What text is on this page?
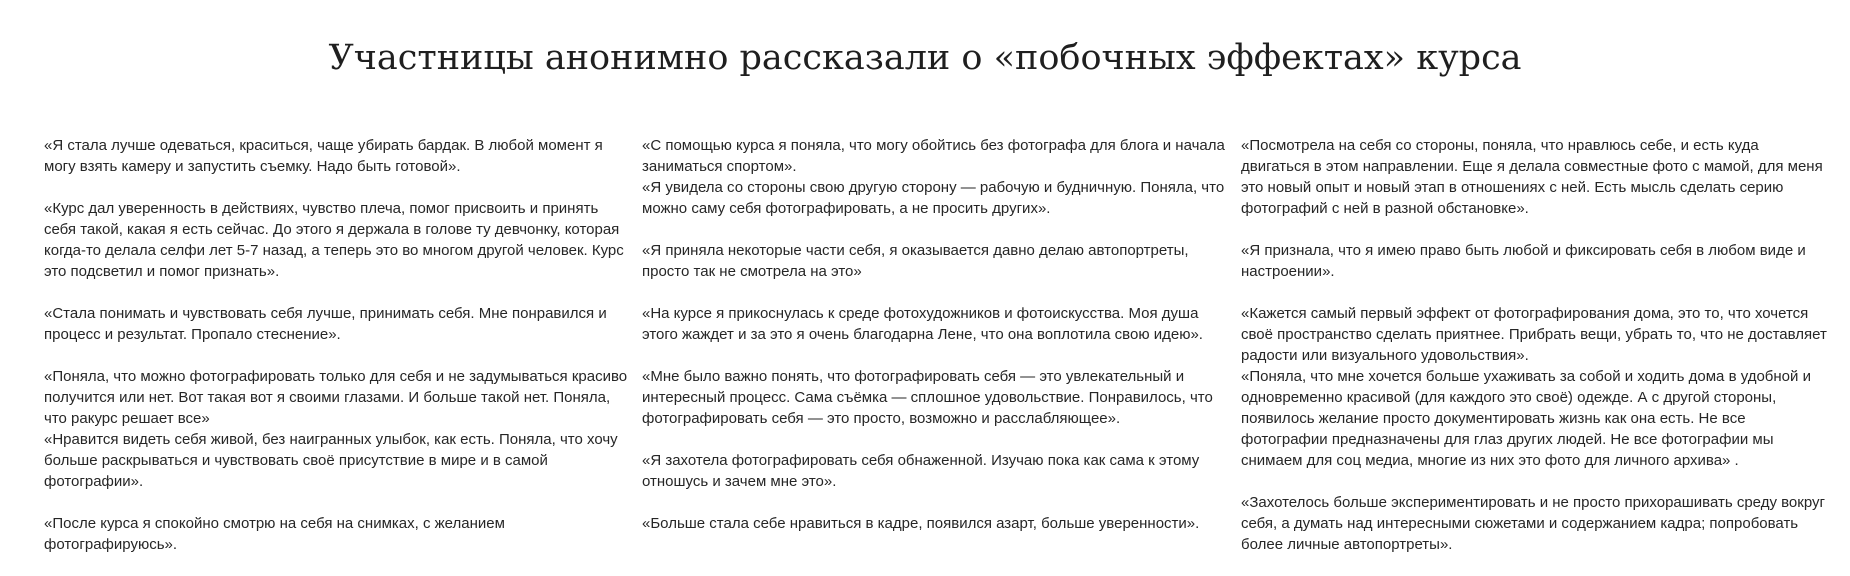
Участницы анонимно рассказали о «побочных эффектах» курса

«Я стала лучше одеваться, краситься, чаще убирать бардак. В любой момент я могу взять камеру и запустить съемку. Надо быть готовой».

«Курс дал уверенность в действиях, чувство плеча, помог присвоить и принять себя такой, какая я есть сейчас. До этого я держала в голове ту девчонку, которая когда-то делала селфи лет 5-7 назад, а теперь это во многом другой человек. Курс это подсветил и помог признать».

«Стала понимать и чувствовать себя лучше, принимать себя. Мне понравился и процесс и результат. Пропало стеснение».

«Поняла, что можно фотографировать только для себя и не задумываться красиво получится или нет. Вот такая вот я своими глазами. И больше такой нет. Поняла, что ракурс решает все»

«Нравится видеть себя живой, без наигранных улыбок, как есть. Поняла, что хочу больше раскрываться и чувствовать своё присутствие в мире и в самой фотографии».

«После курса я спокойно смотрю на себя на снимках, с желанием фотографируюсь».

«С помощью курса я поняла, что могу обойтись без фотографа для блога и начала заниматься спортом».

«Я увидела со стороны свою другую сторону — рабочую и будничную. Поняла, что можно саму себя фотографировать, а не просить других».

«Я приняла некоторые части себя, я оказывается давно делаю автопортреты, просто так не смотрела на это»

«На курсе я прикоснулась к среде фотохудожников и фотоискусства. Моя душа этого жаждет и за это я очень благодарна Лене, что она воплотила свою идею».

«Мне было важно понять, что фотографировать себя — это увлекательный и интересный процесс. Сама съёмка — сплошное удовольствие. Понравилось, что фотографировать себя — это просто, возможно и расслабляющее».

«Я захотела фотографировать себя обнаженной. Изучаю пока как сама к этому отношусь и зачем мне это».

«Больше стала себе нравиться в кадре, появился азарт, больше уверенности».

«Посмотрела на себя со стороны, поняла, что нравлюсь себе, и есть куда двигаться в этом направлении. Еще я делала совместные фото с мамой, для меня это новый опыт и новый этап в отношениях с ней. Есть мысль сделать серию фотографий с ней в разной обстановке».

«Я признала, что я имею право быть любой и фиксировать себя в любом виде и настроении».

«Кажется самый первый эффект от фотографирования дома, это то, что хочется своё пространство сделать приятнее. Прибрать вещи, убрать то, что не доставляет радости или визуального удовольствия».

«Поняла, что мне хочется больше ухаживать за собой и ходить дома в удобной и одновременно красивой (для каждого это своё) одежде. А с другой стороны, появилось желание просто документировать жизнь как она есть. Не все фотографии предназначены для глаз других людей. Не все фотографии мы снимаем для соц медиа, многие из них это фото для личного архива» .

«Захотелось больше экспериментировать и не просто прихорашивать среду вокруг себя, а думать над интересными сюжетами и содержанием кадра; попробовать более личные автопортреты».
